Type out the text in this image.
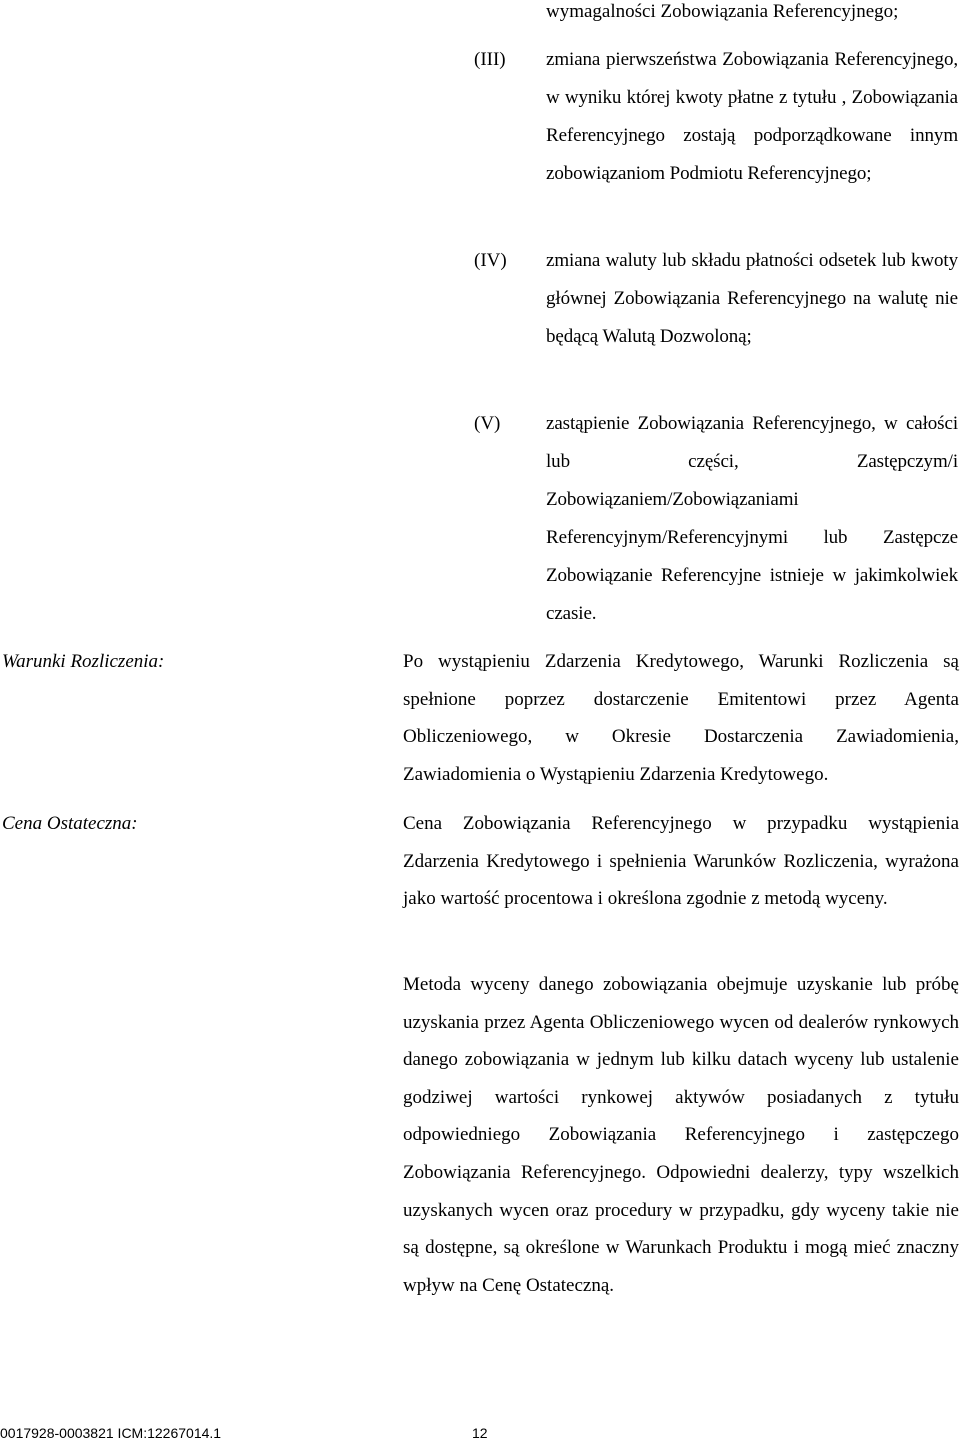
wymagalności Zobowiązania Referencyjnego;
(III) zmiana pierwszeństwa Zobowiązania Referencyjnego, w wyniku której kwoty płatne z tytułu , Zobowiązania Referencyjnego zostają podporządkowane innym zobowiązaniom Podmiotu Referencyjnego;
(IV) zmiana waluty lub składu płatności odsetek lub kwoty głównej Zobowiązania Referencyjnego na walutę nie będącą Walutą Dozwoloną;
(V) zastąpienie Zobowiązania Referencyjnego, w całości lub części, Zastępczym/i Zobowiązaniem/Zobowiązaniami Referencyjnym/Referencyjnymi lub Zastępcze Zobowiązanie Referencyjne istnieje w jakimkolwiek czasie.
Warunki Rozliczenia:	Po wystąpieniu Zdarzenia Kredytowego, Warunki Rozliczenia są spełnione poprzez dostarczenie Emitentowi przez Agenta Obliczeniowego, w Okresie Dostarczenia Zawiadomienia, Zawiadomienia o Wystąpieniu Zdarzenia Kredytowego.
Cena Ostateczna:	Cena Zobowiązania Referencyjnego w przypadku wystąpienia Zdarzenia Kredytowego i spełnienia Warunków Rozliczenia, wyrażona jako wartość procentowa i określona zgodnie z metodą wyceny.
Metoda wyceny danego zobowiązania obejmuje uzyskanie lub próbę uzyskania przez Agenta Obliczeniowego wycen od dealerów rynkowych danego zobowiązania w jednym lub kilku datach wyceny lub ustalenie godziwej wartości rynkowej aktywów posiadanych z tytułu odpowiedniego Zobowiązania Referencyjnego i zastępczego Zobowiązania Referencyjnego. Odpowiedni dealerzy, typy wszelkich uzyskanych wycen oraz procedury w przypadku, gdy wyceny takie nie są dostępne, są określone w Warunkach Produktu i mogą mieć znaczny wpływ na Cenę Ostateczną.
0017928-0003821 ICM:12267014.1	12
